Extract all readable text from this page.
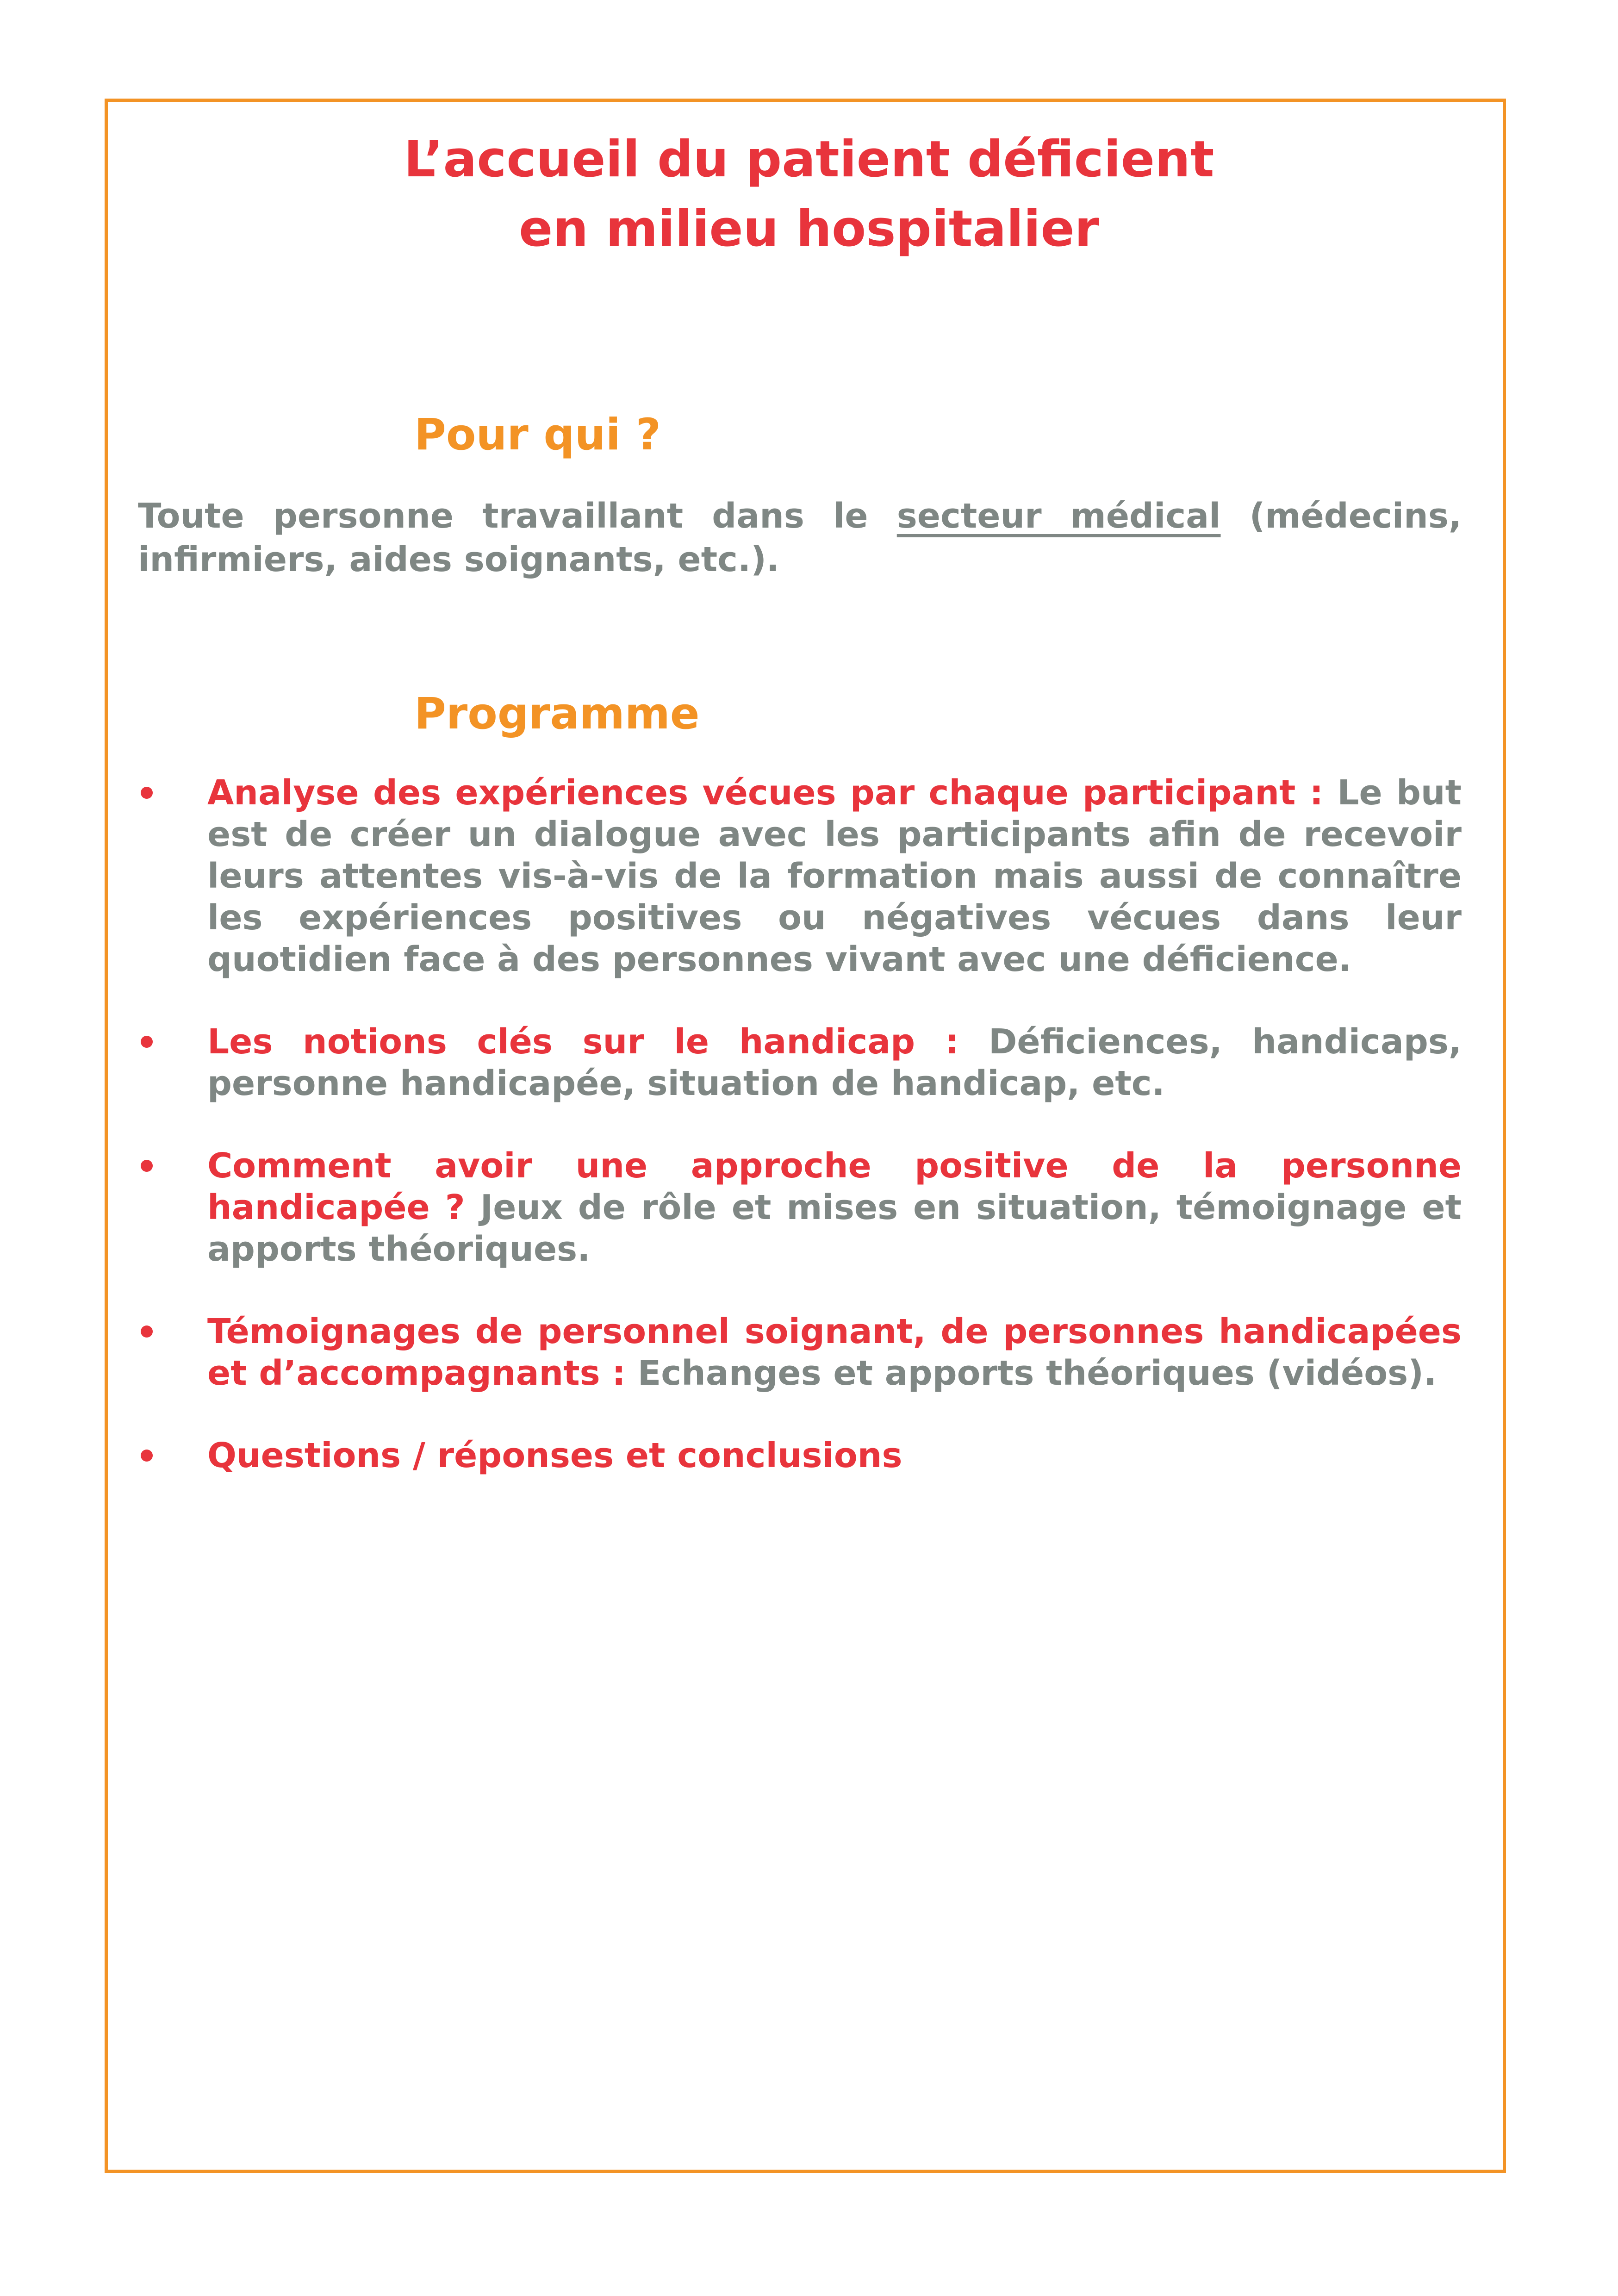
L’accueil du patient déficient
en milieu hospitalier
Pour qui ?

Toute personne travaillant dans le secteur médical (médecins, infirmiers, aides soignants, etc.).

Programme
Analyse des expériences vécues par chaque participant : Le but est de créer un dialogue avec les participants afin de recevoir leurs attentes vis-à-vis de la formation mais aussi de connaître les expériences positives ou négatives vécues dans leur quotidien face à des personnes vivant avec une déficience.
Les notions clés sur le handicap : Déficiences, handicaps, personne handicapée, situation de handicap, etc.
Comment avoir une approche positive de la personne handicapée ? Jeux de rôle et mises en situation, témoignage et apports théoriques.
Témoignages de personnel soignant, de personnes handicapées et d’accompagnants : Echanges et apports théoriques (vidéos).
Questions / réponses et conclusions
